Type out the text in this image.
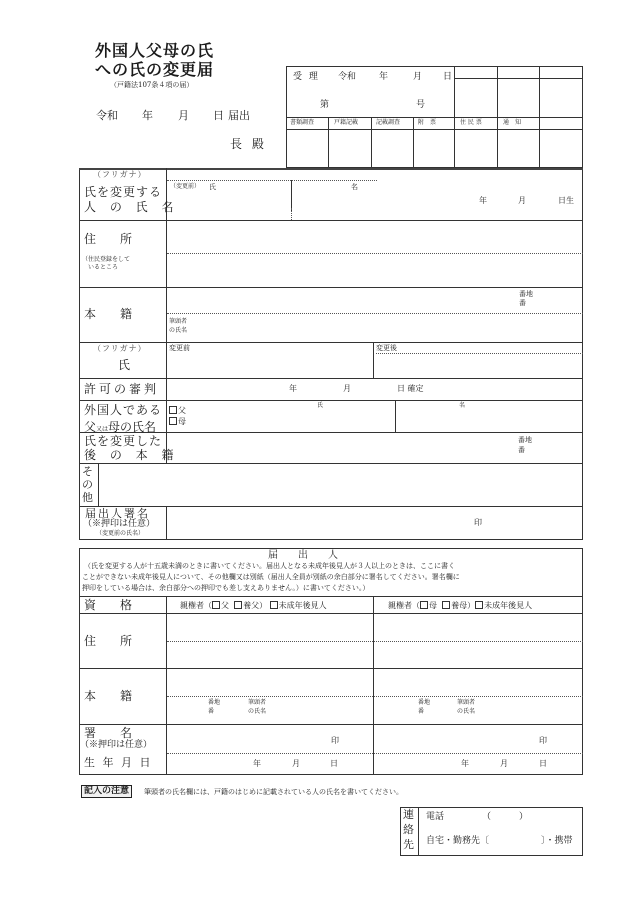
外国人父母の氏
への氏の変更届
（戸籍法107条４項の届）
令和 年 月 日 届出
長 殿
受 理 令和	年	月 日
第	号
書類調査	戸籍記載	記載調査	附　票	住 民 票	通　知
（フリガナ）
氏を変更する
人 の 氏 名
（変更前） 氏	名
年	月	日生
住　　所
（ 住民登録をして
いるところ
本　　籍
番地
番
筆頭者
の氏名
（フリガナ）
氏
変更前	変更後
許可の審判	年	月	日 確定
外国人である
父又は母の氏名
父
母
氏	名
氏を変更した
後 の 本 籍
番地
番
そ
の
他
届出人署名
（※押印は任意）
（変更前の氏名）
印
届　　出　　人
（氏を変更する人が十五歳未満のときに書いてください。届出人となる未成年後見人が３人以上のときは、ここに書く
ことができない未成年後見人について、その他欄又は別紙（届出人全員が別紙の余白部分に署名してください。署名欄に
押印をしている場合は、余白部分への押印でも差し支えありません。）に書いてください。）
資　　格	親権者（ 父 養父） 未成年後見人	親権者（ 母 養母） 未成年後見人
住　　所
本　　籍	番地
番
筆頭者
の氏名
番地
番
筆頭者
の氏名
署　　名
（※押印は任意）
生 年 月 日
印	印
年	月	日	年	月	日
記入の注意	筆頭者の氏名欄には、戸籍のはじめに記載されている人の氏名を書いてください。
連
絡
先
電話	（	）
自宅・勤務先〔	〕・携帯
